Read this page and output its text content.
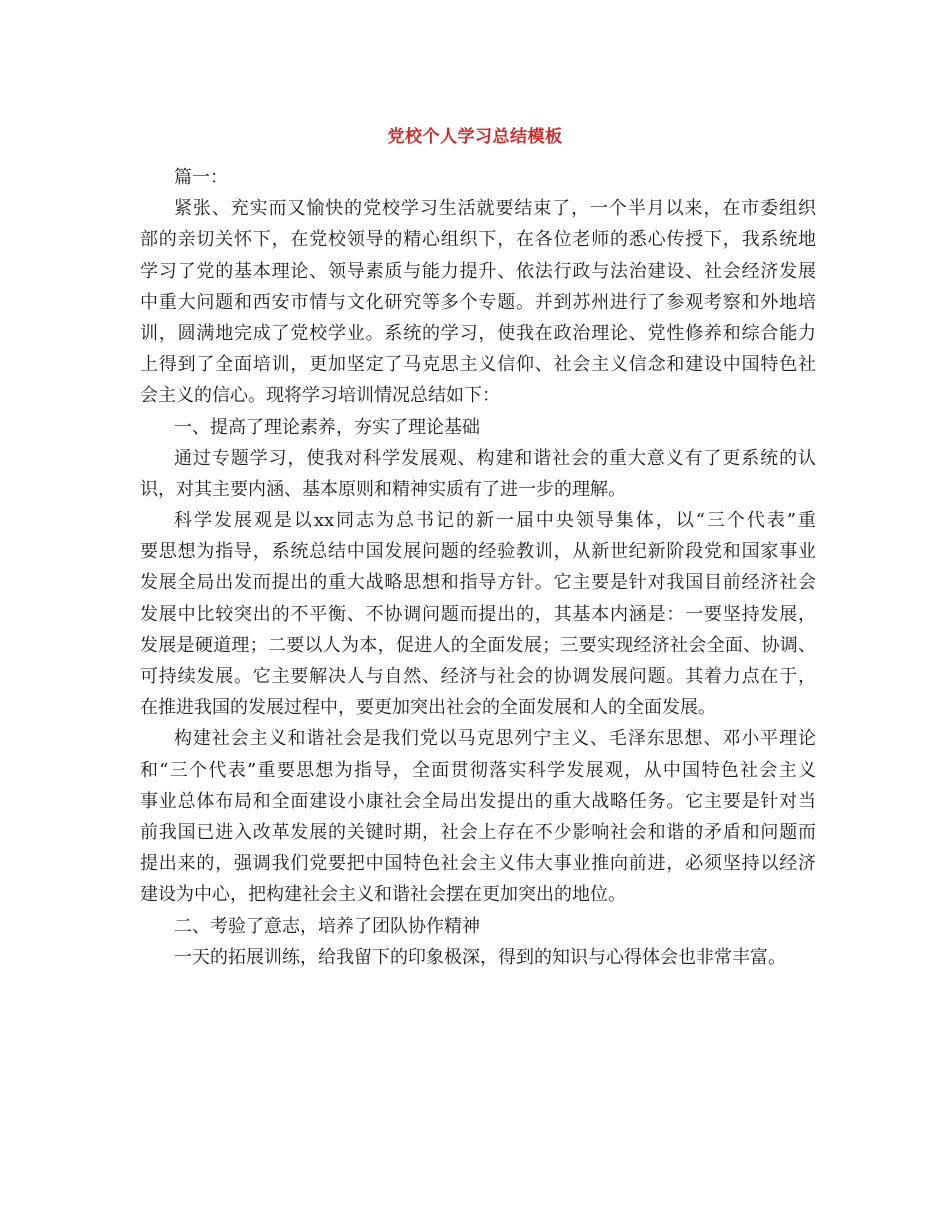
党校个人学习总结模板
篇一：
紧张、充实而又愉快的党校学习生活就要结束了，一个半月以来，在市委组织
部的亲切关怀下，在党校领导的精心组织下，在各位老师的悉心传授下，我系统地
学习了党的基本理论、领导素质与能力提升、依法行政与法治建设、社会经济发展
中重大问题和西安市情与文化研究等多个专题。并到苏州进行了参观考察和外地培
训，圆满地完成了党校学业。系统的学习，使我在政治理论、党性修养和综合能力
上得到了全面培训，更加坚定了马克思主义信仰、社会主义信念和建设中国特色社
会主义的信心。现将学习培训情况总结如下：
一、提高了理论素养，夯实了理论基础
通过专题学习，使我对科学发展观、构建和谐社会的重大意义有了更系统的认
识，对其主要内涵、基本原则和精神实质有了进一步的理解。
科学发展观是以xx同志为总书记的新一届中央领导集体，以“三个代表”重
要思想为指导，系统总结中国发展问题的经验教训，从新世纪新阶段党和国家事业
发展全局出发而提出的重大战略思想和指导方针。它主要是针对我国目前经济社会
发展中比较突出的不平衡、不协调问题而提出的，其基本内涵是：一要坚持发展，
发展是硬道理；二要以人为本，促进人的全面发展；三要实现经济社会全面、协调、
可持续发展。它主要解决人与自然、经济与社会的协调发展问题。其着力点在于，
在推进我国的发展过程中，要更加突出社会的全面发展和人的全面发展。
构建社会主义和谐社会是我们党以马克思列宁主义、毛泽东思想、邓小平理论
和“三个代表”重要思想为指导，全面贯彻落实科学发展观，从中国特色社会主义
事业总体布局和全面建设小康社会全局出发提出的重大战略任务。它主要是针对当
前我国已进入改革发展的关键时期，社会上存在不少影响社会和谐的矛盾和问题而
提出来的，强调我们党要把中国特色社会主义伟大事业推向前进，必须坚持以经济
建设为中心，把构建社会主义和谐社会摆在更加突出的地位。
二、考验了意志，培养了团队协作精神
一天的拓展训练，给我留下的印象极深，得到的知识与心得体会也非常丰富。
